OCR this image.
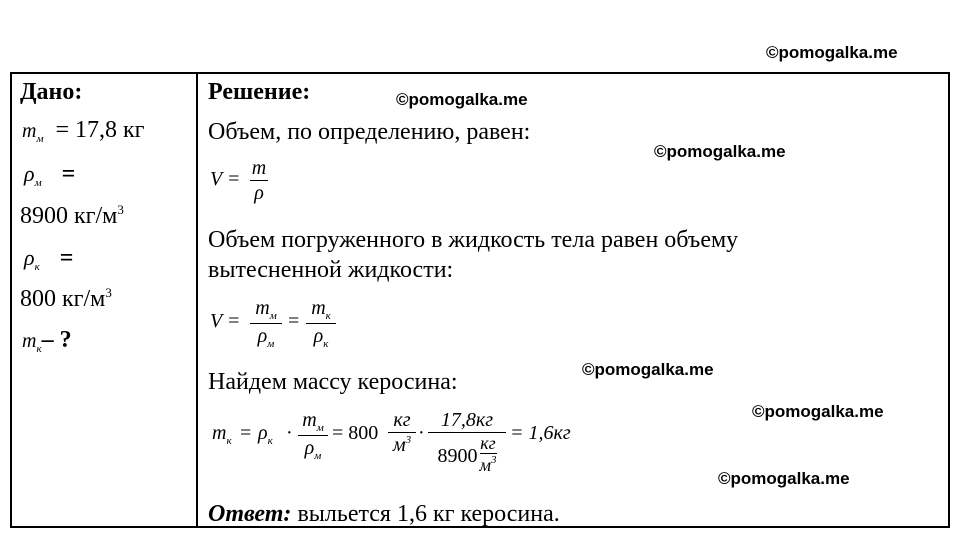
©pomogalka.me
©pomogalka.me
©pomogalka.me
©pomogalka.me
©pomogalka.me
©pomogalka.me
Дано:
$m_м = 17,8$ кг
$\rho_м$ =
8900 $кг/м^3$
$\rho_к$ =
800 $кг/м^3$
$m_к-$ ?
Решение:
Объем, по определению, равен:
V = m
ρ
Объем погруженного в жидкость тела равен объему
вытесненной жидкости:
V =
$m_м$
$\rho_м$
=
$m_к$
$\rho_к$
Найдем массу керосина:
$m_к = \rho_к$ ·
$m_м$
$\rho_м$
= 800
кг
$м^3$ ·
17,8кг
8900
кг
$м^3$
= 1,6кг
Ответ: выльется 1,6 кг керосина.
